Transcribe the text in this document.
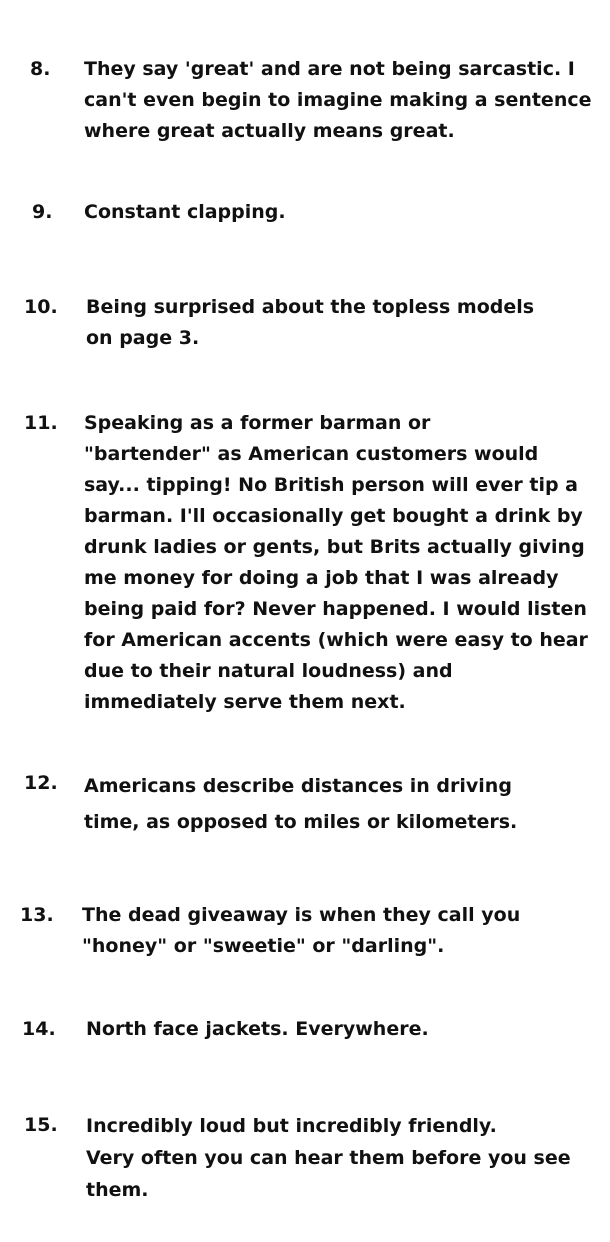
8. They say 'great' and are not being sarcastic. I
can't even begin to imagine making a sentence
where great actually means great.
9. Constant clapping.
10. Being surprised about the topless models
on page 3.
11. Speaking as a former barman or
"bartender" as American customers would
say... tipping! No British person will ever tip a
barman. I'll occasionally get bought a drink by
drunk ladies or gents, but Brits actually giving
me money for doing a job that I was already
being paid for? Never happened. I would listen
for American accents (which were easy to hear
due to their natural loudness) and
immediately serve them next.
12. Americans describe distances in driving
time, as opposed to miles or kilometers.
13. The dead giveaway is when they call you
"honey" or "sweetie" or "darling".
14. North face jackets. Everywhere.
15. Incredibly loud but incredibly friendly.
Very often you can hear them before you see
them.
